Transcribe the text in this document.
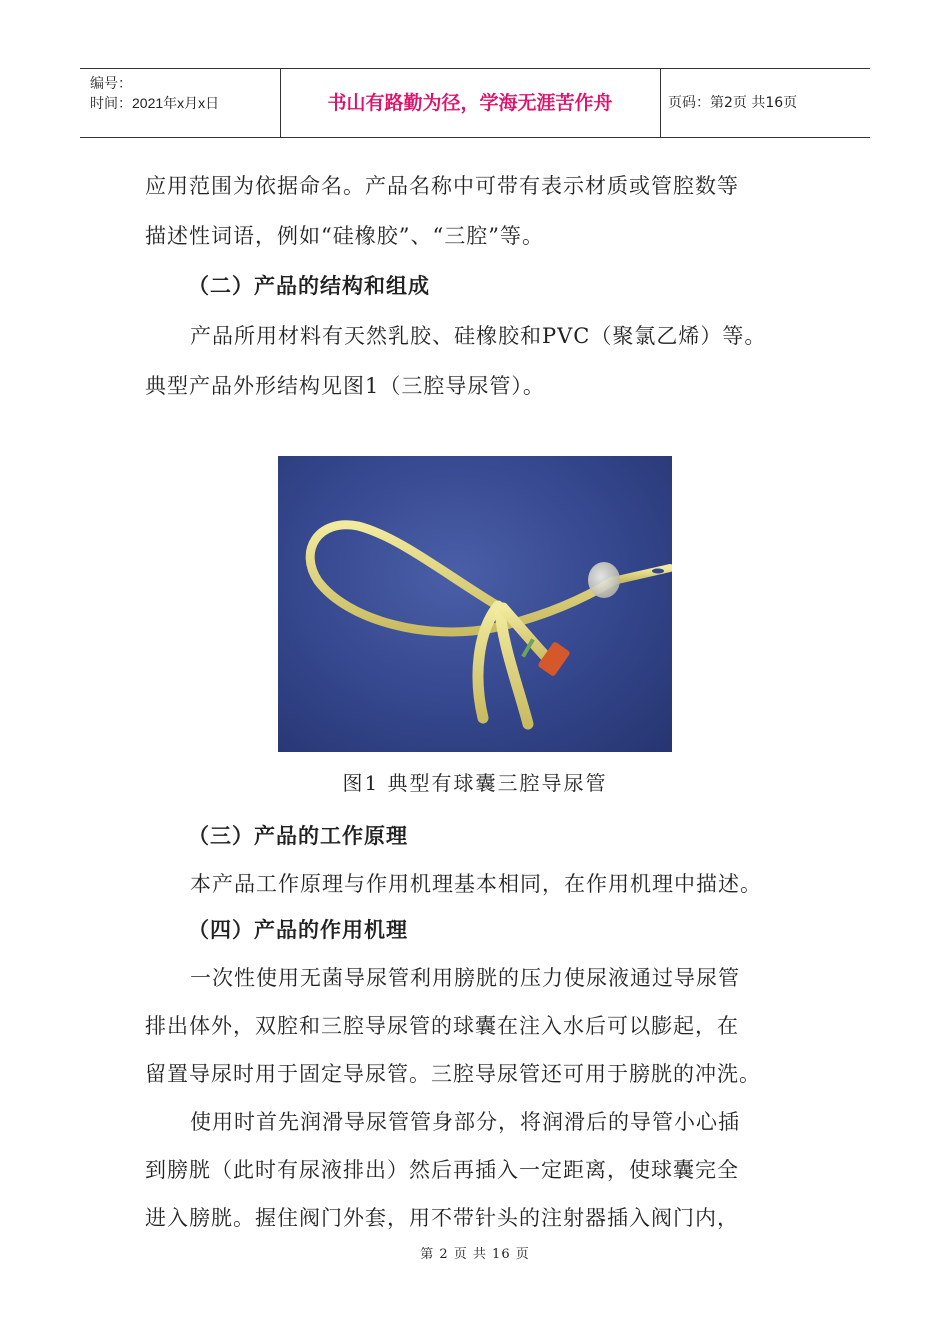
编号：
时间：2021年x月x日	书山有路勤为径，学海无涯苦作舟	页码：第2页 共16页
应用范围为依据命名。产品名称中可带有表示材质或管腔数等
描述性词语，例如“硅橡胶”、“三腔”等。
（二）产品的结构和组成
产品所用材料有天然乳胶、硅橡胶和PVC（聚氯乙烯）等。
典型产品外形结构见图1（三腔导尿管）。
图1 典型有球囊三腔导尿管
（三）产品的工作原理
本产品工作原理与作用机理基本相同，在作用机理中描述。
（四）产品的作用机理
一次性使用无菌导尿管利用膀胱的压力使尿液通过导尿管
排出体外，双腔和三腔导尿管的球囊在注入水后可以膨起，在
留置导尿时用于固定导尿管。三腔导尿管还可用于膀胱的冲洗。
使用时首先润滑导尿管管身部分，将润滑后的导管小心插
到膀胱（此时有尿液排出）然后再插入一定距离，使球囊完全
进入膀胱。握住阀门外套，用不带针头的注射器插入阀门内，
第 2 页 共 16 页
